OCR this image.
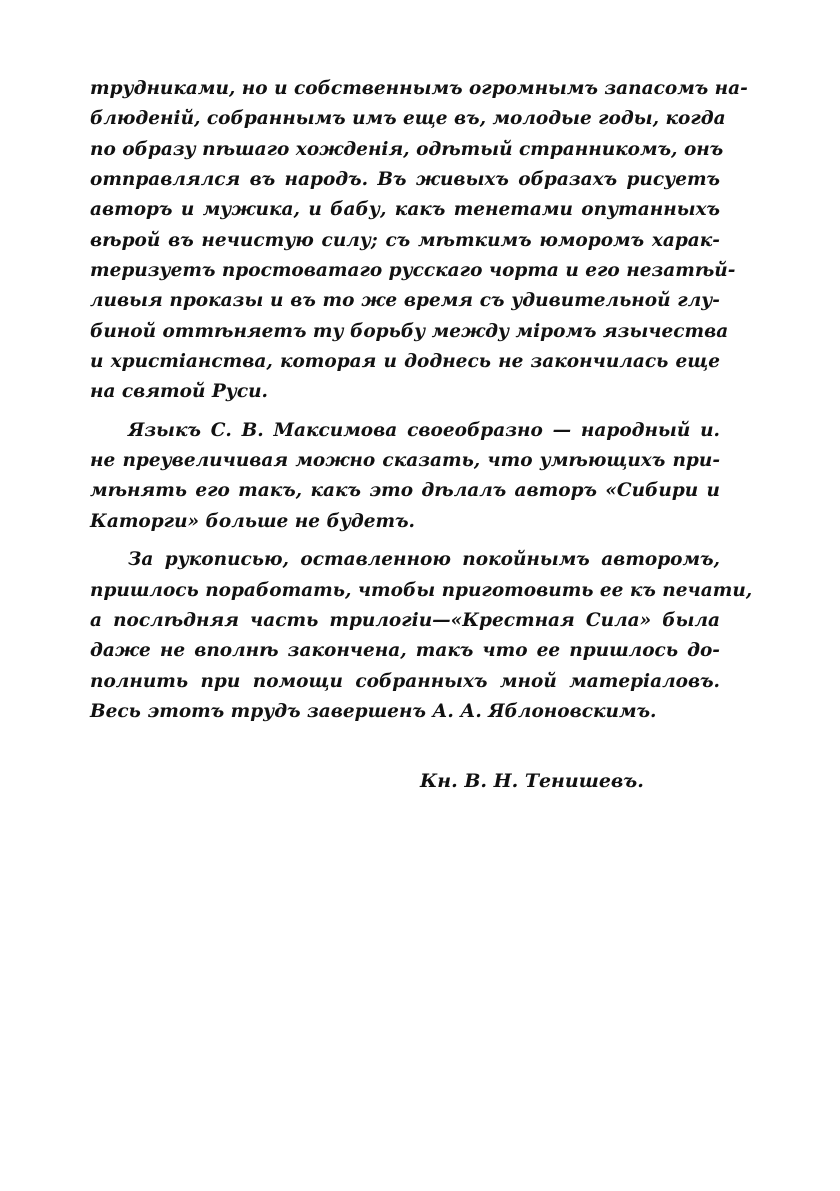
трудниками, но и собственнымъ огромнымъ запасомъ на-
блюденій, собраннымъ имъ еще въ, молодые годы, когда
по образу пѣшаго хожденія, одѣтый странникомъ, онъ
отправлялся въ народъ. Въ живыхъ образахъ рисуетъ
авторъ и мужика, и бабу, какъ тенетами опутанныхъ
вѣрой въ нечистую силу; съ мѣткимъ юморомъ харак-
теризуетъ простоватаго русскаго чорта и его незатѣй-
ливыя проказы и въ то же время съ удивительной глу-
биной оттѣняетъ ту борьбу между міромъ язычества
и христіанства, которая и доднесь не закончилась еще
на святой Руси.
Языкъ С. В. Максимова своеобразно — народный и.
не преувеличивая можно сказать, что умѣющихъ при-
мѣнять его такъ, какъ это дѣлалъ авторъ «Сибири и
Каторги» больше не будетъ.
За рукописью, оставленною покойнымъ авторомъ,
пришлось поработать, чтобы приготовить ее къ печати,
а послѣдняя часть трилогіи—«Крестная Сила» была
даже не вполнѣ закончена, такъ что ее пришлось до-
полнить при помощи собранныхъ мной матеріаловъ.
Весь этотъ трудъ завершенъ А. А. Яблоновскимъ.
Кн. В. Н. Тенишевъ.
